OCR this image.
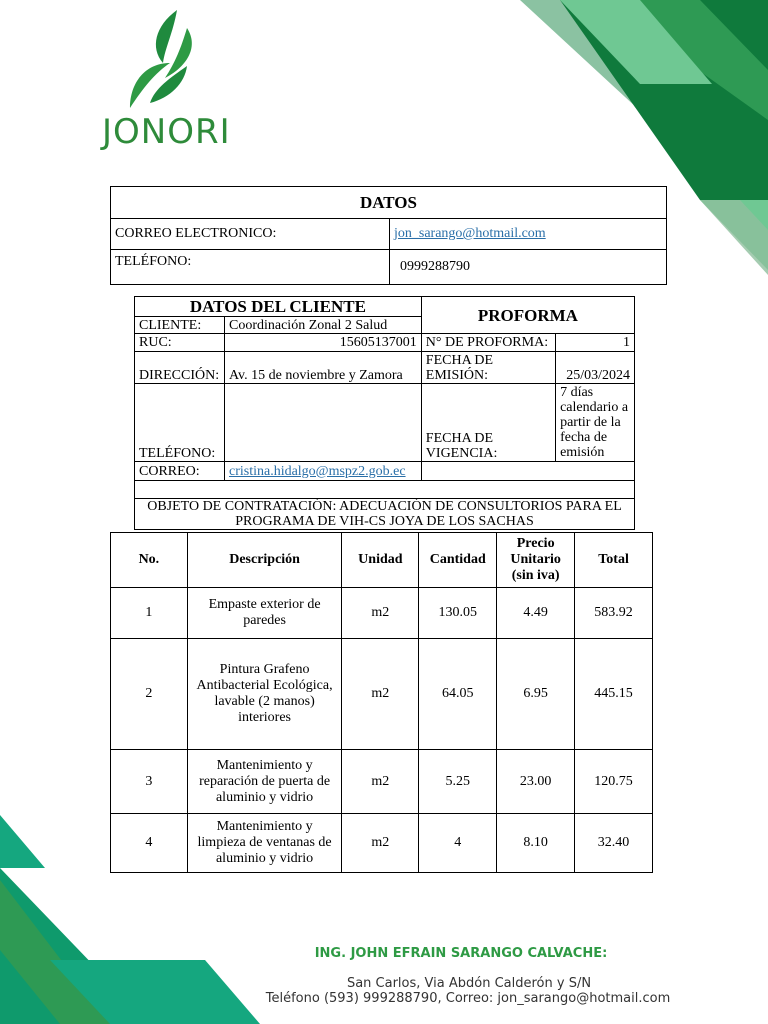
JONORI
DATOS	
CORREO ELECTRONICO:	jon_sarango@hotmail.com
TELÉFONO:	0999288790
DATOS DEL CLIENTE		PROFORMA	
CLIENTE:	Coordinación Zonal 2 Salud		
RUC:	15605137001	N° DE PROFORMA:	1
DIRECCIÓN:	Av. 15 de noviembre y Zamora	FECHA DE EMISIÓN:	25/03/2024
TELÉFONO:		FECHA DE VIGENCIA:	7 días calendario a partir de la fecha de emisión
CORREO:	cristina.hidalgo@mspz2.gob.ec		

OBJETO DE CONTRATACIÓN: ADECUACIÓN DE CONSULTORIOS PARA EL PROGRAMA DE VIH-CS JOYA DE LOS SACHAS			
No.	Descripción	Unidad	Cantidad	Precio Unitario (sin iva)	Total
1	Empaste exterior de paredes	m2	130.05	4.49	583.92
2	Pintura Grafeno Antibacterial Ecológica, lavable (2 manos) interiores	m2	64.05	6.95	445.15
3	Mantenimiento y reparación de puerta de aluminio y vidrio	m2	5.25	23.00	120.75
4	Mantenimiento y limpieza de ventanas de aluminio y vidrio	m2	4	8.10	32.40
ING. JOHN EFRAIN SARANGO CALVACHE:
San Carlos, Via Abdón Calderón y S/N
Teléfono (593) 999288790, Correo: jon_sarango@hotmail.com
